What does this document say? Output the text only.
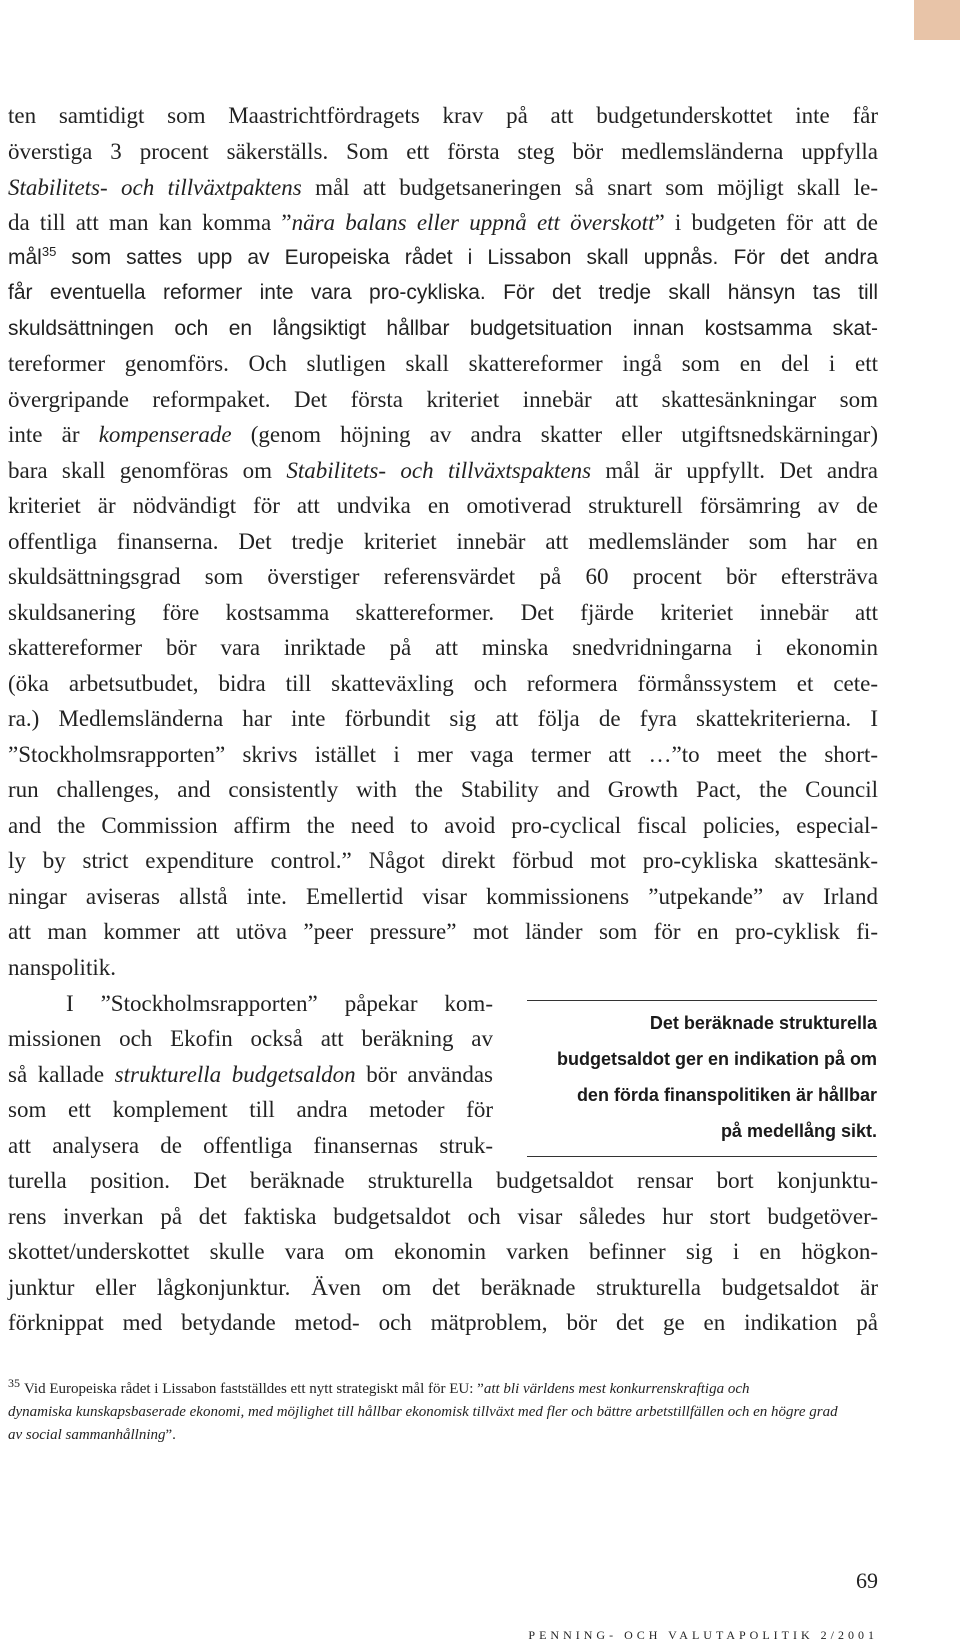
ten samtidigt som Maastrichtfördragets krav på att budgetunderskottet inte får
överstiga 3 procent säkerställs. Som ett första steg bör medlemsländerna uppfylla
Stabilitets- och tillväxtpaktens mål att budgetsaneringen så snart som möjligt skall le-
da till att man kan komma ”nära balans eller uppnå ett överskott” i budgeten för att de
mål$^{35}$ som sattes upp av Europeiska rådet i Lissabon skall uppnås. För det andra
får eventuella reformer inte vara pro-cykliska. För det tredje skall hänsyn tas till
skuldsättningen och en långsiktigt hållbar budgetsituation innan kostsamma skat-
tereformer genomförs. Och slutligen skall skattereformer ingå som en del i ett
övergripande reformpaket. Det första kriteriet innebär att skattesänkningar som
inte är kompenserade (genom höjning av andra skatter eller utgiftsnedskärningar)
bara skall genomföras om Stabilitets- och tillväxtspaktens mål är uppfyllt. Det andra
kriteriet är nödvändigt för att undvika en omotiverad strukturell försämring av de
offentliga finanserna. Det tredje kriteriet innebär att medlemsländer som har en
skuldsättningsgrad som överstiger referensvärdet på 60 procent bör eftersträva
skuldsanering före kostsamma skattereformer. Det fjärde kriteriet innebär att
skattereformer bör vara inriktade på att minska snedvridningarna i ekonomin
(öka arbetsutbudet, bidra till skatteväxling och reformera förmånssystem et cete-
ra.) Medlemsländerna har inte förbundit sig att följa de fyra skattekriterierna. I
”Stockholmsrapporten” skrivs istället i mer vaga termer att …”to meet the short-
run challenges, and consistently with the Stability and Growth Pact, the Council
and the Commission affirm the need to avoid pro-cyclical fiscal policies, especial-
ly by strict expenditure control.” Något direkt förbud mot pro-cykliska skattesänk-
ningar aviseras allstå inte. Emellertid visar kommissionens ”utpekande” av Irland
att man kommer att utöva ”peer pressure” mot länder som för en pro-cyklisk fi-
nanspolitik.
I ”Stockholmsrapporten” påpekar kom-
missionen och Ekofin också att beräkning av
så kallade strukturella budgetsaldon bör användas
som ett komplement till andra metoder för
att analysera de offentliga finansernas struk-
turella position. Det beräknade strukturella budgetsaldot rensar bort konjunktu-
rens inverkan på det faktiska budgetsaldot och visar således hur stort budgetöver-
skottet/underskottet skulle vara om ekonomin varken befinner sig i en högkon-
junktur eller lågkonjunktur. Även om det beräknade strukturella budgetsaldot är
förknippat med betydande metod- och mätproblem, bör det ge en indikation på
Det beräknade strukturella
budgetsaldot ger en indikation på om
den förda finanspolitiken är hållbar
på medellång sikt.
$^{35}$ Vid Europeiska rådet i Lissabon fastställdes ett nytt strategiskt mål för EU: ”att bli världens mest konkurrenskraftiga och
dynamiska kunskapsbaserade ekonomi, med möjlighet till hållbar ekonomisk tillväxt med fler och bättre arbetstillfällen och en högre grad
av social sammanhållning”.
69
PENNING- OCH VALUTAPOLITIK 2/2001
